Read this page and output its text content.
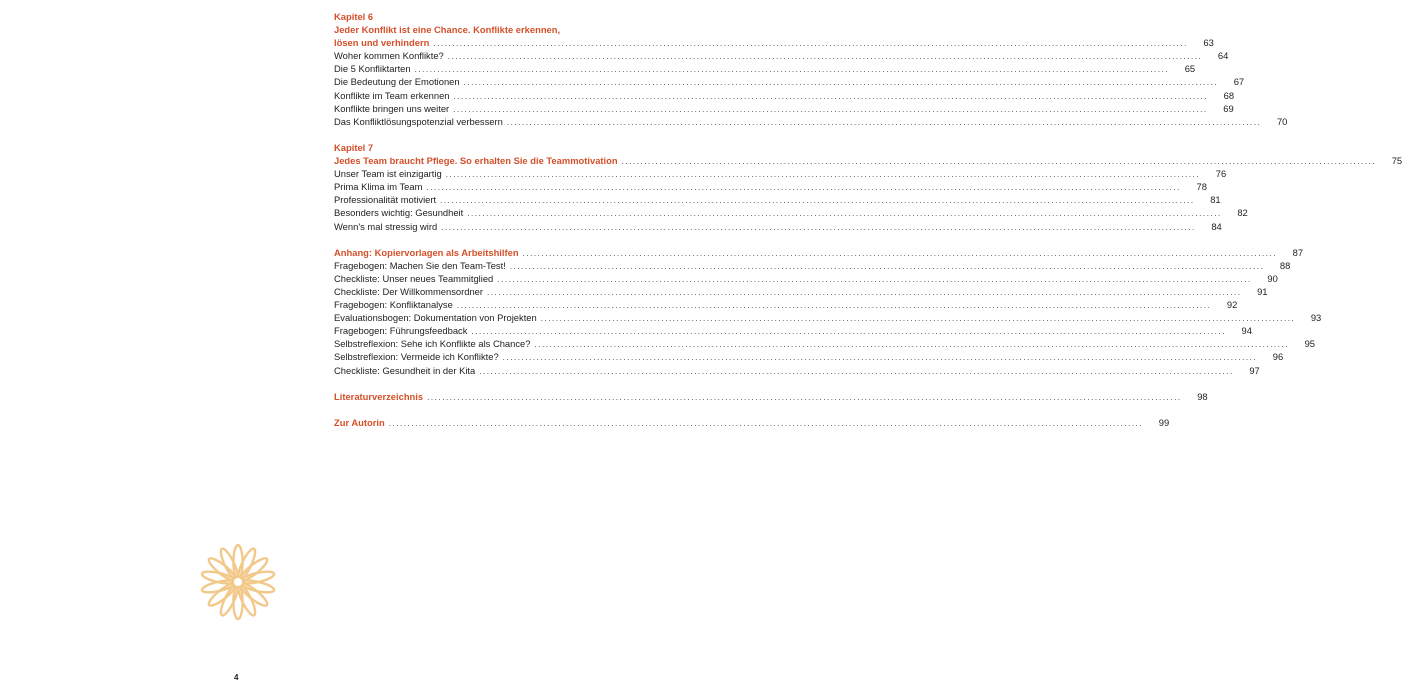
Kapitel 6
Jeder Konflikt ist eine Chance. Konflikte erkennen,
lösen und verhindern ........................................................................................................................................................................................................	63
Woher kommen Konflikte? ........................................................................................................................................................................................................	64
Die 5 Konfliktarten ........................................................................................................................................................................................................	65
Die Bedeutung der Emotionen ........................................................................................................................................................................................................	67
Konflikte im Team erkennen ........................................................................................................................................................................................................	68
Konflikte bringen uns weiter ........................................................................................................................................................................................................	69
Das Konfliktlösungspotenzial verbessern ........................................................................................................................................................................................................	70
Kapitel 7
Jedes Team braucht Pflege. So erhalten Sie die Teammotivation ........................................................................................................................................................................................................	75
Unser Team ist einzigartig ........................................................................................................................................................................................................	76
Prima Klima im Team ........................................................................................................................................................................................................	78
Professionalität motiviert ........................................................................................................................................................................................................	81
Besonders wichtig: Gesundheit ........................................................................................................................................................................................................	82
Wenn's mal stressig wird ........................................................................................................................................................................................................	84
Anhang: Kopiervorlagen als Arbeitshilfen ........................................................................................................................................................................................................	87
Fragebogen: Machen Sie den Team-Test! ........................................................................................................................................................................................................	88
Checkliste: Unser neues Teammitglied ........................................................................................................................................................................................................	90
Checkliste: Der Willkommensordner ........................................................................................................................................................................................................	91
Fragebogen: Konfliktanalyse ........................................................................................................................................................................................................	92
Evaluationsbogen: Dokumentation von Projekten ........................................................................................................................................................................................................	93
Fragebogen: Führungsfeedback ........................................................................................................................................................................................................	94
Selbstreflexion: Sehe ich Konflikte als Chance? ........................................................................................................................................................................................................	95
Selbstreflexion: Vermeide ich Konflikte? ........................................................................................................................................................................................................	96
Checkliste: Gesundheit in der Kita ........................................................................................................................................................................................................	97
Literaturverzeichnis ........................................................................................................................................................................................................	98
Zur Autorin ........................................................................................................................................................................................................	99
4
